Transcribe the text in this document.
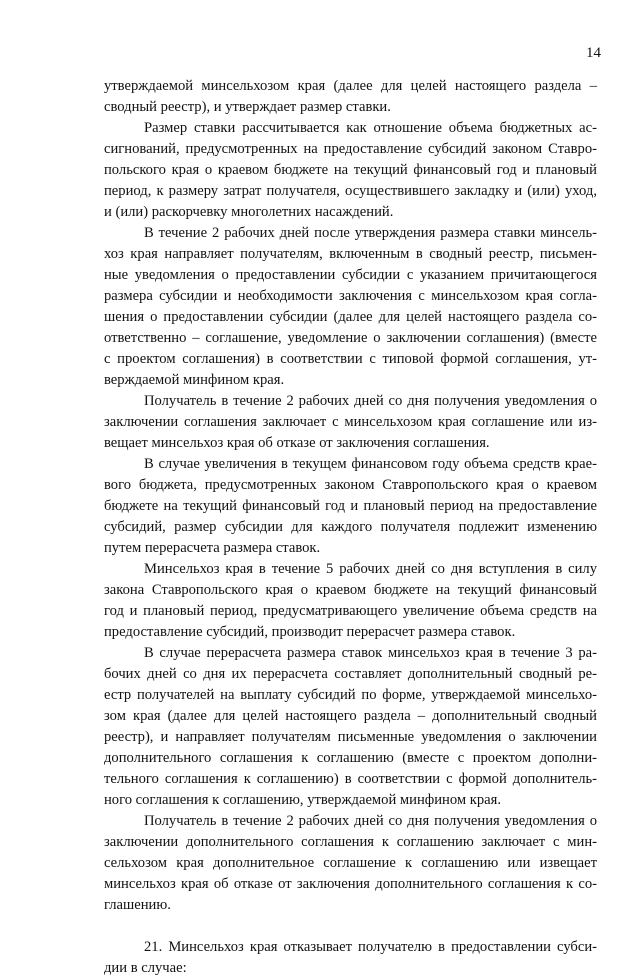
14
утверждаемой минсельхозом края (далее для целей настоящего раздела –
сводный реестр), и утверждает размер ставки.
Размер ставки рассчитывается как отношение объема бюджетных ас-
сигнований, предусмотренных на предоставление субсидий законом Ставро-
польского края о краевом бюджете на текущий финансовый год и плановый
период, к размеру затрат получателя, осуществившего закладку и (или) уход,
и (или) раскорчевку многолетних насаждений.
В течение 2 рабочих дней после утверждения размера ставки минсель-
хоз края направляет получателям, включенным в сводный реестр, письмен-
ные уведомления о предоставлении субсидии с указанием причитающегося
размера субсидии и необходимости заключения с минсельхозом края согла-
шения о предоставлении субсидии (далее для целей настоящего раздела со-
ответственно – соглашение, уведомление о заключении соглашения) (вместе
с проектом соглашения) в соответствии с типовой формой соглашения, ут-
верждаемой минфином края.
Получатель в течение 2 рабочих дней со дня получения уведомления о
заключении соглашения заключает с минсельхозом края соглашение или из-
вещает минсельхоз края об отказе от заключения соглашения.
В случае увеличения в текущем финансовом году объема средств крае-
вого бюджета, предусмотренных законом Ставропольского края о краевом
бюджете на текущий финансовый год и плановый период на предоставление
субсидий, размер субсидии для каждого получателя подлежит изменению
путем перерасчета размера ставок.
Минсельхоз края в течение 5 рабочих дней со дня вступления в силу
закона Ставропольского края о краевом бюджете на текущий финансовый
год и плановый период, предусматривающего увеличение объема средств на
предоставление субсидий, производит перерасчет размера ставок.
В случае перерасчета размера ставок минсельхоз края в течение 3 ра-
бочих дней со дня их перерасчета составляет дополнительный сводный ре-
естр получателей на выплату субсидий по форме, утверждаемой минсельхо-
зом края (далее для целей настоящего раздела – дополнительный сводный
реестр), и направляет получателям письменные уведомления о заключении
дополнительного соглашения к соглашению (вместе с проектом дополни-
тельного соглашения к соглашению) в соответствии с формой дополнитель-
ного соглашения к соглашению, утверждаемой минфином края.
Получатель в течение 2 рабочих дней со дня получения уведомления о
заключении дополнительного соглашения к соглашению заключает с мин-
сельхозом края дополнительное соглашение к соглашению или извещает
минсельхоз края об отказе от заключения дополнительного соглашения к со-
глашению.
21. Минсельхоз края отказывает получателю в предоставлении субси-
дии в случае:
